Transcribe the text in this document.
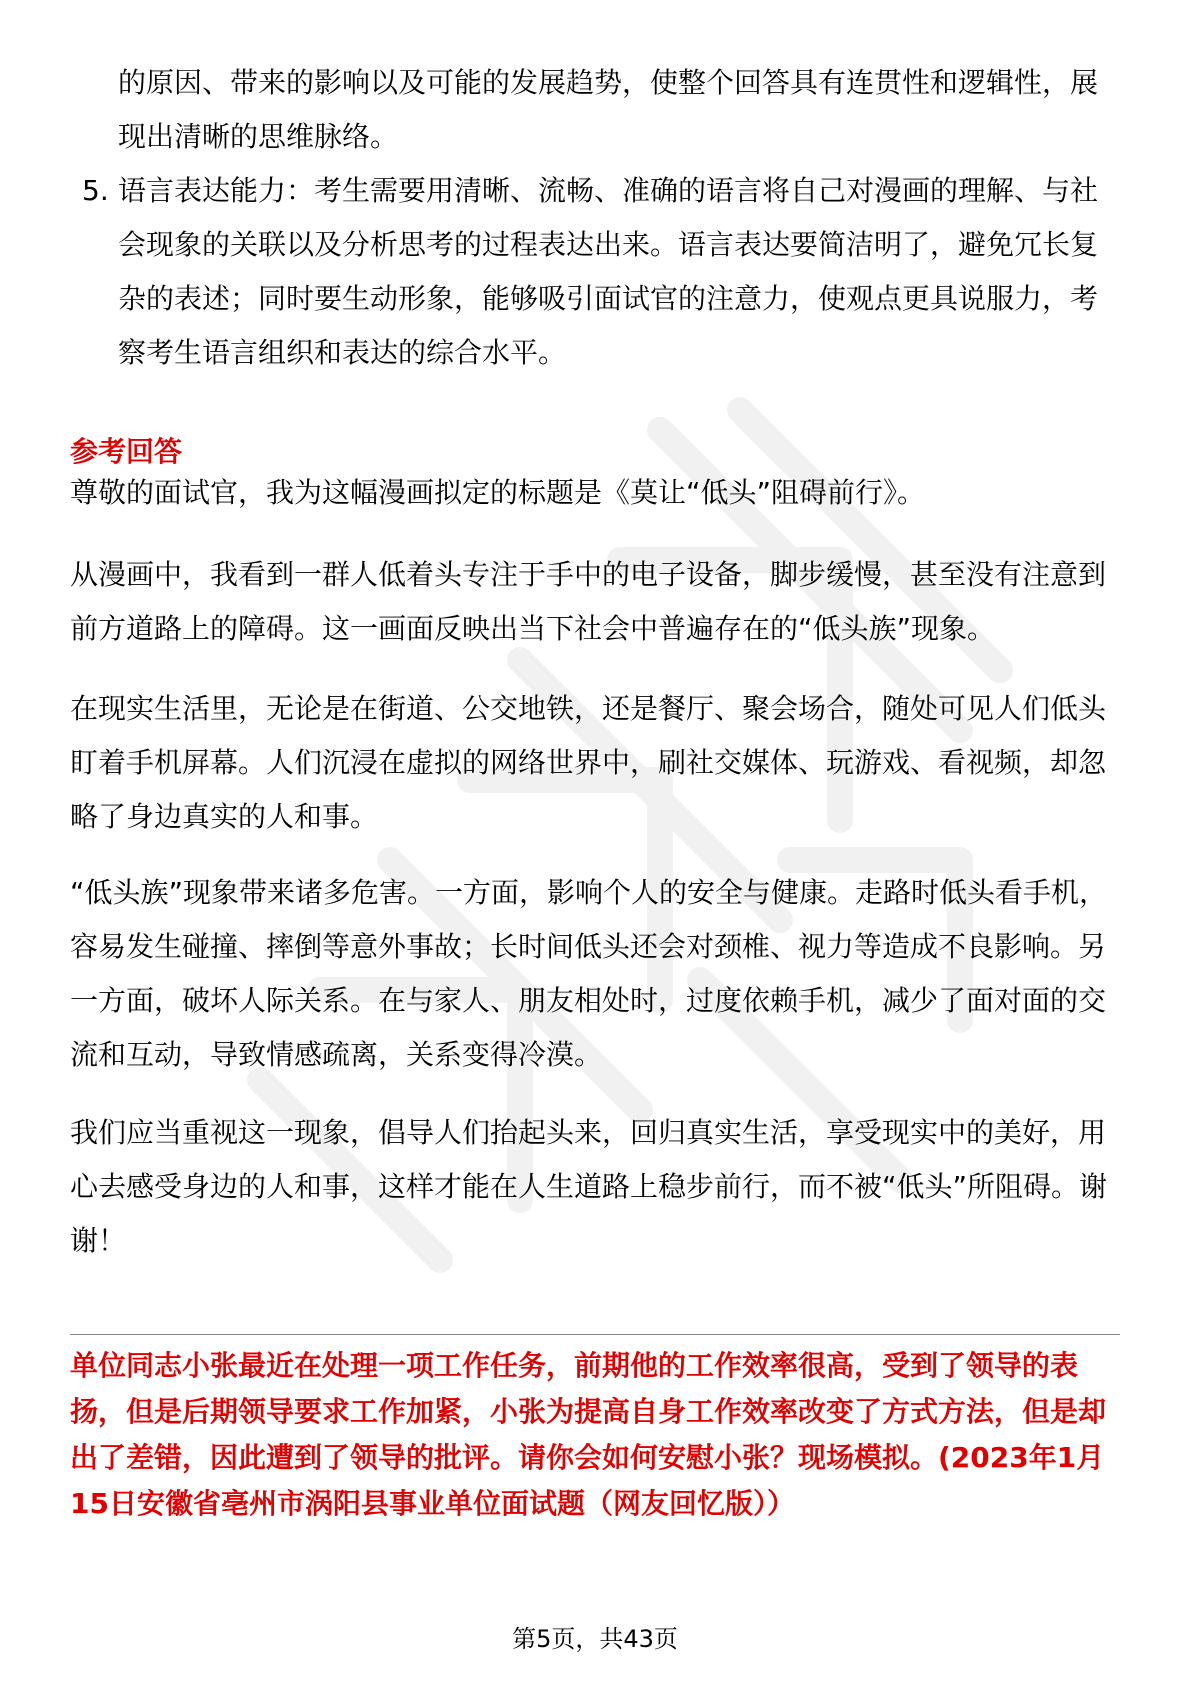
的原因、带来的影响以及可能的发展趋势，使整个回答具有连贯性和逻辑性，展现出清晰的思维脉络。
5. 语言表达能力：考生需要用清晰、流畅、准确的语言将自己对漫画的理解、与社会现象的关联以及分析思考的过程表达出来。语言表达要简洁明了，避免冗长复杂的表述；同时要生动形象，能够吸引面试官的注意力，使观点更具说服力，考察考生语言组织和表达的综合水平。
参考回答

尊敬的面试官，我为这幅漫画拟定的标题是《莫让“低头”阻碍前行》。

从漫画中，我看到一群人低着头专注于手中的电子设备，脚步缓慢，甚至没有注意到前方道路上的障碍。这一画面反映出当下社会中普遍存在的“低头族”现象。

在现实生活里，无论是在街道、公交地铁，还是餐厅、聚会场合，随处可见人们低头盯着手机屏幕。人们沉浸在虚拟的网络世界中，刷社交媒体、玩游戏、看视频，却忽略了身边真实的人和事。

“低头族”现象带来诸多危害。一方面，影响个人的安全与健康。走路时低头看手机，容易发生碰撞、摔倒等意外事故；长时间低头还会对颈椎、视力等造成不良影响。另一方面，破坏人际关系。在与家人、朋友相处时，过度依赖手机，减少了面对面的交流和互动，导致情感疏离，关系变得冷漠。

我们应当重视这一现象，倡导人们抬起头来，回归真实生活，享受现实中的美好，用心去感受身边的人和事，这样才能在人生道路上稳步前行，而不被“低头”所阻碍。谢谢！

单位同志小张最近在处理一项工作任务，前期他的工作效率很高，受到了领导的表扬，但是后期领导要求工作加紧，小张为提高自身工作效率改变了方式方法，但是却出了差错，因此遭到了领导的批评。请你会如何安慰小张？现场模拟。(2023年1月15日安徽省亳州市涡阳县事业单位面试题（网友回忆版））
第5页，共43页
